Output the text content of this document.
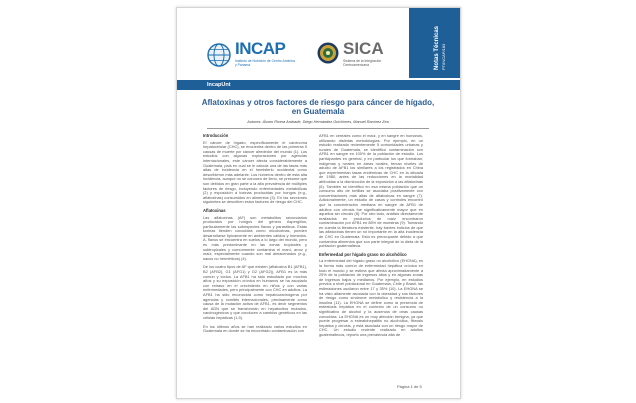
INCAP
Instituto de Nutrición de Centro América y Panamá
SICA
Sistema de la Integración Centroamericana	Notas Técnicas PT/INCAP/183
IncapUnt
Aflatoxinas y otros factores de riesgo para cáncer de hígado, en Guatemala
Autores: Álvaro Rivera Andrade, Diego Hernández Guichimes, Manuel Ramírez Zea
Introducción

El cáncer de hígado, específicamente el carcinoma hepatocelular (CHC), se encuentra dentro de las primeras 5 causas de muerte por cáncer alrededor del mundo (1). Los estudios con algunas exploraciones por agencias internacionales, este cáncer afecta considerablemente a Guatemala, país en cual se le calcula una de las tasas más altas de incidencia en el hemisferio occidental como describieron más adelante. Los números dentro de esta alta incidencia, aunque no se conocen de lleno, se presume que son debidos en gran parte a la alta prevalencia de múltiples factores de riesgo, incluyendo enfermedades metabólicas (2) y exposición a toxinas producidas por hongos (e.g., aflatoxinas) consumidos en alimentos (3). En las secciones siguientes se describen estos factores de riesgo del CHC.

Aflatoxinas

Las aflatoxinas (AF) son metabolitos secundarios producidos por hongos del género Aspergillus, particularmente las subespecies flavus y parasiticus. Estas toxinas tienden conocidas como micotoxinas, pueden desarrollarse típicamente en ambientes cálidos y húmedos. A. flavus se encuentra en suelos a lo largo del mundo, pero es más predominante en las zonas tropicales y subtropicales y comúnmente contamina el maní, arroz y maíz, especialmente cuando son mal almacenados (e.g., sacos no herméticos) (4).

De los cuatro tipos de AF que existen (aflatoxina B1 (AFB1), B2 (AFB2), G1 (AFG1) y G2 (AFG2)), AFB1 es la más común y tóxica. La AFB1 ha sido estudiada por muchos años y su exposición crónica en humanos se ha asociado con retraso en el crecimiento en niños y con varias enfermedades, pero principalmente con CHC en adultos. La AFB1 ha sido reconocida como hepatocarcinógena por agencias y comités internacionales, precisamente como causa de la mutación activa de AFB1, es decir segmentos del ADN que se transforman en hepatocitos mutados, carcinogénicos y que conducen a cambios genéticos en las células hepáticas (1,5).

En los últimos años se han realizado varios estudios en Guatemala en donde se ha encontrado contaminación con

AFB1 en cereales como el maíz, y en sangre en humanos, utilizando distintas metodologías. Por ejemplo, en un estudio realizado recientemente 5 comunidades urbanas y rurales de Guatemala, se identificó contaminación con AFB1 en sangre en 100% de la población de estudio. Los participantes en general, y en particular los que formaban, indígenas y rurales en áreas rurales, tenían niveles de aducto de AFB1 los similares a los registrados en China que experimentan tasas endémicas de CHC en la década de 1980, antes de las reducciones en la mortalidad atribuidas a la disminución de la exposición a las aflatoxinas (6). También se identificó en esa misma población que un consumo alto de tortillas se asociaba positivamente con concentraciones más altas de aflatoxinas en sangre (7). Adicionalmente, un estudio de casos y controles encontró que la concentración mediana en sangre de AFB1 de adultos con cirrosis fue significativamente mayor que en aquellos sin cirrosis (8). Por otro lado, análisis directamente realizados en productos de maíz encontraron contaminación por AFB1 en 85% de muestras (9). Tomando en cuenta la literatura existente, hay fuertes indicios de que las aflatoxinas tienen un rol importante en la alta incidencia de CHC en Guatemala. Esto es preocupante debido a que contamina alimentos que son parte integral de la dieta de la población guatemalteca.

Enfermedad por hígado graso no alcohólico

La enfermedad del hígado graso no alcohólico (EHGNA), es la forma más común de enfermedad hepática crónica en todo el mundo y se estima que afecta aproximadamente a 25% de la población de ingresos altos y en algunas zonas de ingresos bajos y medianos. Por ejemplo, en estudios previos a nivel poblacional en Guatemala, Chile y Brasil, las estimaciones oscilaron entre 17 y 35% (10). La EHGNA se ha visto altamente asociada con la obesidad y sus factores de riesgo como síndrome metabólico y resistencia a la insulina (11). La EHGNA se define como la presencia de esteatosis hepática en el contexto de un consumo no significativo de alcohol y la ausencia de otras causas conocidas. La EHGNA es un muy afección benigna, ya que puede progresar a esteatohepatitis no alcohólica, fibrosis hepática y cirrosis, y está asociada con un riesgo mayor de CHC. Un estudio reciente realizado en adultos guatemaltecos, reportó una prevalencia alta de

Página 1 de 5
